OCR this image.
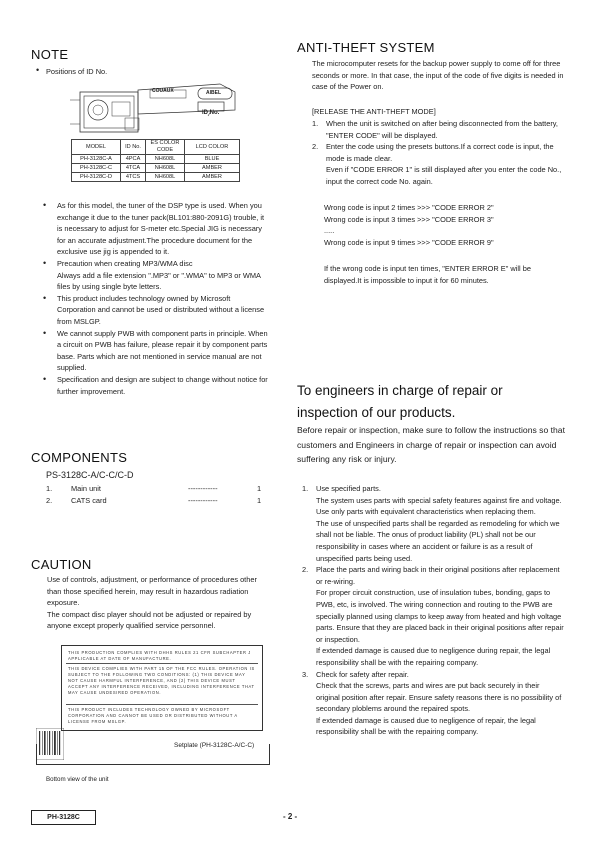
NOTE
• Positions of ID No.
COUAUX	AIBEL
ID No.
MODEL	ID No.	ES COLOR CODE	LCD COLOR
PH-3128C-A	4PCA	NH608L	BLUE
PH-3128C-C	4TCA	NH608L	AMBER
PH-3128C-D	4TCS	NH608L	AMBER
• As for this model, the tuner of the DSP type is used. When you exchange it due to the tuner pack(BL101:880-2091G) trouble, it is necessary to adjust for S-meter etc.Special JIG is necessary for an accurate adjustment.The procedure document for the exclusive use jig is appended to it.
• Precaution when creating MP3/WMA disc
Always add a file extension ".MP3" or ".WMA" to MP3 or WMA files by using single byte letters.
• This product includes technology owned by Microsoft Corporation and cannot be used or distributed without a license from MSLGP.
• We cannot supply PWB with component parts in principle. When a circuit on PWB has failure, please repair it by component parts base. Parts which are not mentioned in service manual are not supplied.
• Specification and design are subject to change without notice for further improvement.
COMPONENTS
PS-3128C-A/C-C/C-D
1.	Main unit	------------	1
2.	CATS card	------------	1
CAUTION
Use of controls, adjustment, or performance of procedures other than those specified herein, may result in hazardous radiation exposure.
The compact disc player should not be adjusted or repaired by anyone except properly qualified service personnel.
THIS PRODUCTION COMPLIES WITH DHHS RULES 21 CFR SUBCHAPTER J APPLICABLE AT DATE OF MANUFACTURE.
THIS DEVICE COMPLIES WITH PART 15 OF THE FCC RULES. OPERATION IS SUBJECT TO THE FOLLOWING TWO CONDITIONS: (1) THIS DEVICE MAY NOT CAUSE HARMFUL INTERFERENCE, AND (2) THIS DEVICE MUST ACCEPT ANY INTERFERENCE RECEIVED, INCLUDING INTERFERENCE THAT MAY CAUSE UNDESIRED OPERATION.
THIS PRODUCT INCLUDES TECHNOLOGY OWNED BY MICROSOFT CORPORATION AND CANNOT BE USED OR DISTRIBUTED WITHOUT A LICENSE FROM MSLGP.
Setplate (PH-3128C-A/C-C)
Bottom view of the unit
PH-3128C	- 2 -
ANTI-THEFT SYSTEM
The microcomputer resets for the backup power supply to come off for three seconds or more. In that case, the input of the code of five digits is needed in case of the Power on.
[RELEASE THE ANTI-THEFT MODE]
1. When the unit is switched on after being disconnected from the battery, "ENTER CODE" will be displayed.
2. Enter the code using the presets buttons.If a correct code is input, the mode is made clear.
Even if "CODE ERROR 1" is still displayed after you enter the code No., input the correct code No. again.
Wrong code is input 2 times >>> "CODE ERROR 2"
Wrong code is input 3 times >>> "CODE ERROR 3"
.....
Wrong code is input 9 times >>> "CODE ERROR 9"
If the wrong code is input ten times, "ENTER ERROR E" will be displayed.It is impossible to input it for 60 minutes.
To engineers in charge of repair or inspection of our products.
Before repair or inspection, make sure to follow the instructions so that customers and Engineers in charge of repair or inspection can avoid suffering any risk or injury.
1. Use specified parts.
The system uses parts with special safety features against fire and voltage. Use only parts with equivalent characteristics when replacing them.
The use of unspecified parts shall be regarded as remodeling for which we shall not be liable. The onus of product liability (PL) shall not be our responsibility in cases where an accident or failure is as a result of unspecified parts being used.
2. Place the parts and wiring back in their original positions after replacement or re-wiring.
For proper circuit construction, use of insulation tubes, bonding, gaps to PWB, etc, is involved. The wiring connection and routing to the PWB are specially planned using clamps to keep away from heated and high voltage parts. Ensure that they are placed back in their original positions after repair or inspection.
If extended damage is caused due to negligence during repair, the legal responsibility shall be with the repairing company.
3. Check for safety after repair.
Check that the screws, parts and wires are put back securely in their original position after repair. Ensure safety reasons there is no possibility of secondary ploblems around the repaired spots.
If extended damage is caused due to negligence of repair, the legal responsibility shall be with the repairing company.
